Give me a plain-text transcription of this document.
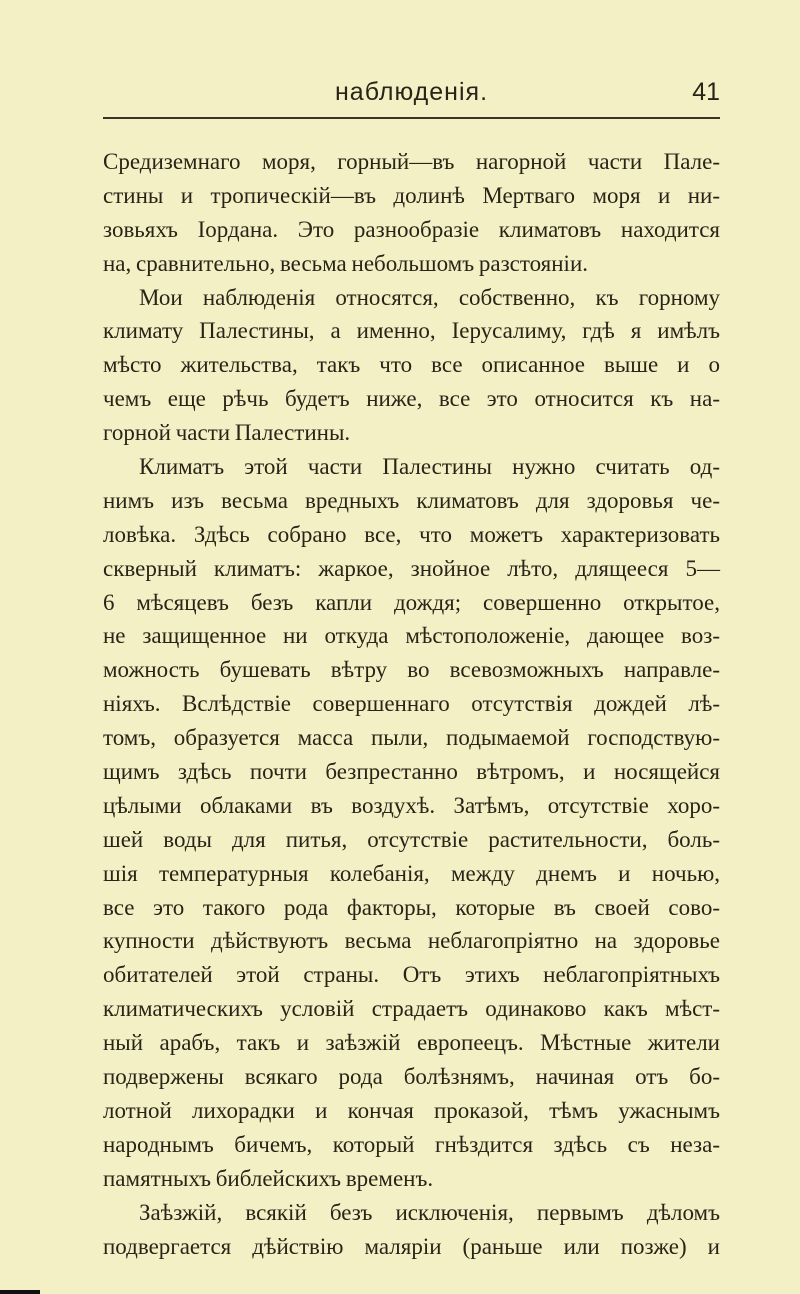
наблюденія.	41
Средиземнаго моря, горный—въ нагорной части Пале-
стины и тропическій—въ долинѣ Мертваго моря и ни-
зовьяхъ Іордана. Это разнообразіе климатовъ находится
на, сравнительно, весьма небольшомъ разстояніи.
Мои наблюденія относятся, собственно, къ горному
климату Палестины, а именно, Іерусалиму, гдѣ я имѣлъ
мѣсто жительства, такъ что все описанное выше и о
чемъ еще рѣчь будетъ ниже, все это относится къ на-
горной части Палестины.
Климатъ этой части Палестины нужно считать од-
нимъ изъ весьма вредныхъ климатовъ для здоровья че-
ловѣка. Здѣсь собрано все, что можетъ характеризовать
скверный климатъ: жаркое, знойное лѣто, длящееся 5—
6 мѣсяцевъ безъ капли дождя; совершенно открытое,
не защищенное ни откуда мѣстоположеніе, дающее воз-
можность бушевать вѣтру во всевозможныхъ направле-
ніяхъ. Вслѣдствіе совершеннаго отсутствія дождей лѣ-
томъ, образуется масса пыли, подымаемой господствую-
щимъ здѣсь почти безпрестанно вѣтромъ, и носящейся
цѣлыми облаками въ воздухѣ. Затѣмъ, отсутствіе хоро-
шей воды для питья, отсутствіе растительности, боль-
шія температурныя колебанія, между днемъ и ночью,
все это такого рода факторы, которые въ своей сово-
купности дѣйствуютъ весьма неблагопріятно на здоровье
обитателей этой страны. Отъ этихъ неблагопріятныхъ
климатическихъ условій страдаетъ одинаково какъ мѣст-
ный арабъ, такъ и заѣзжій европеецъ. Мѣстные жители
подвержены всякаго рода болѣзнямъ, начиная отъ бо-
лотной лихорадки и кончая проказой, тѣмъ ужаснымъ
народнымъ бичемъ, который гнѣздится здѣсь съ неза-
памятныхъ библейскихъ временъ.
Заѣзжій, всякій безъ исключенія, первымъ дѣломъ
подвергается дѣйствію маляріи (раньше или позже) и
